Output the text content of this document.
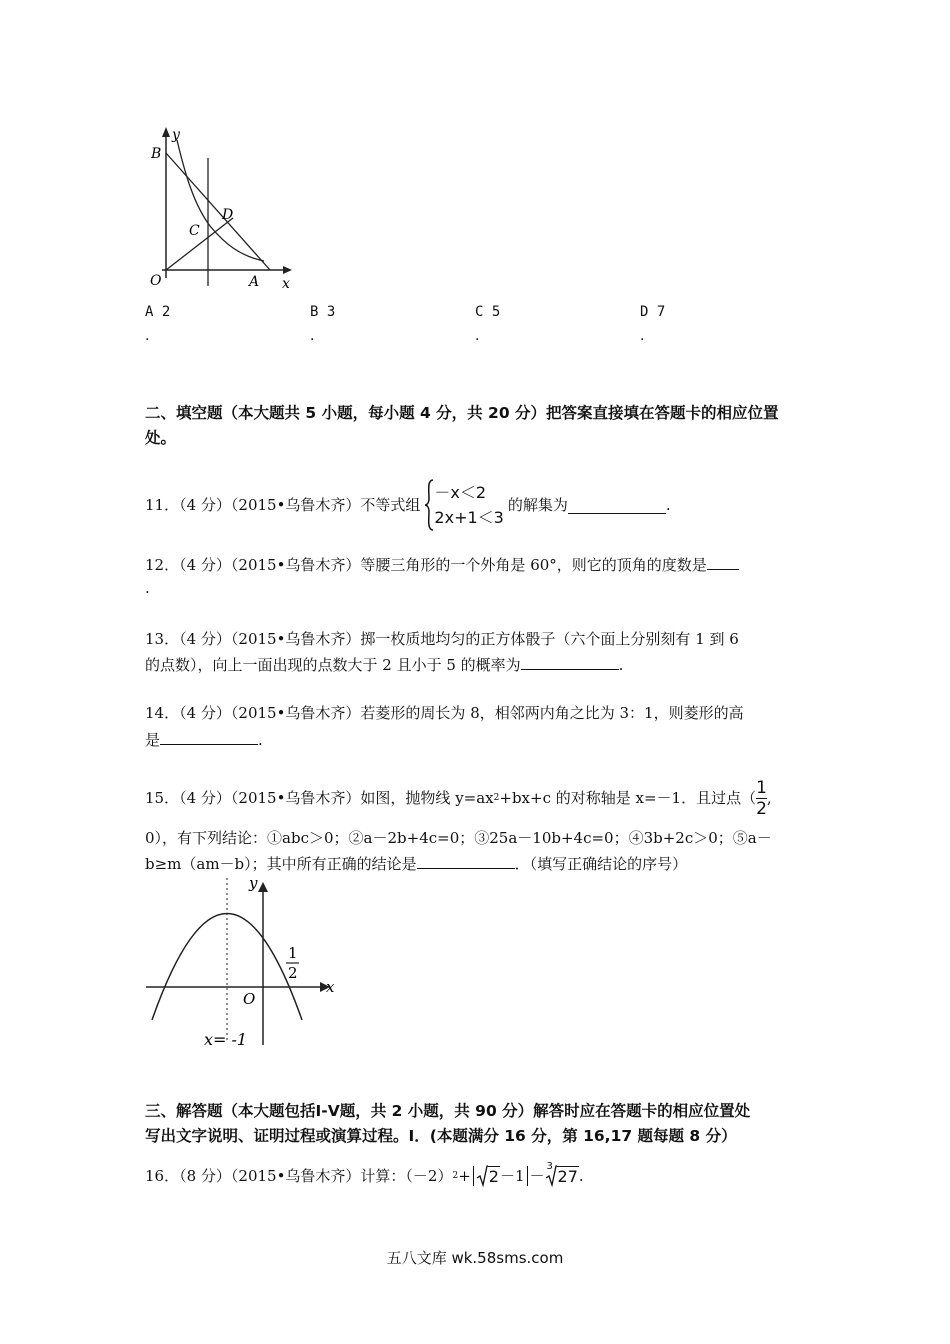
y
B
D
C
O	A x
A 2
.
B 3
.
C 5
.
D 7
.
二、填空题（本大题共 5 小题，每小题 4 分，共 20 分）把答案直接填在答题卡的相应位置
处。
11．（4 分）（2015•乌鲁木齐）不等式组
－x＜2
2x+1＜3
的解集为	.
12．（4 分）（2015•乌鲁木齐）等腰三角形的一个外角是 60°，则它的顶角的度数是
.
13．（4 分）（2015•乌鲁木齐）掷一枚质地均匀的正方体骰子（六个面上分别刻有 1 到 6
的点数），向上一面出现的点数大于 2 且小于 5 的概率为	.
14．（4 分）（2015•乌鲁木齐）若菱形的周长为 8，相邻两内角之比为 3：1，则菱形的高
是	.
15．（4 分）（2015•乌鲁木齐）如图，抛物线 y=ax 2 +bx+c 的对称轴是 x=－1．且过点（ $\frac{1}{2}$ ,
0），有下列结论：①abc＞0；②a－2b+4c=0；③25a－10b+4c=0；④3b+2c＞0；⑤a－
b≥m（am－b）；其中所有正确的结论是	．（填写正确结论的序号）
y
1
2
O
x
x= -1
三、解答题（本大题包括Ⅰ-Ⅴ题，共 2 小题，共 90 分）解答时应在答题卡的相应位置处
写出文字说明、证明过程或演算过程。Ⅰ．(本题满分 16 分，第 16,17 题每题 8 分）
16．（8 分）（2015•乌鲁木齐）计算：（－2） 2 + 2 －1 －
3
27 .
五八文库 wk.58sms.com
